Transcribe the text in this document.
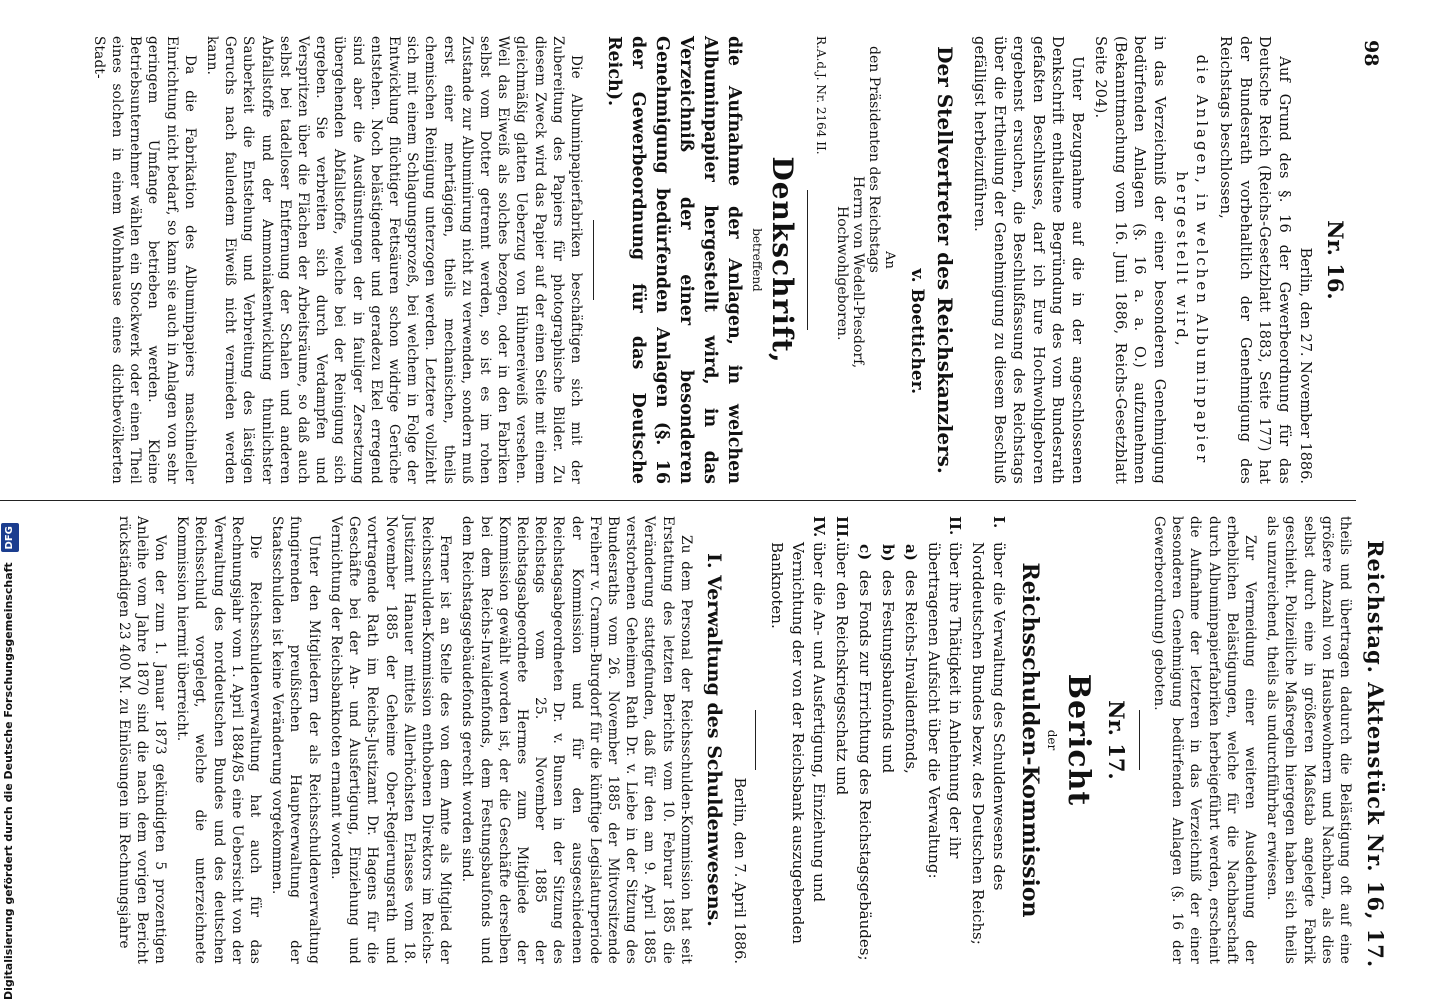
98
Reichstag. Aktenstück Nr. 16, 17.
Nr. 16.
Berlin, den 27. November 1886.

Auf Grund des §. 16 der Gewerbeordnung für das Deutsche Reich (Reichs-Gesetzblatt 1883, Seite 177) hat der Bundesrath vorbehaltlich der Genehmigung des Reichstags beschlossen,

die Anlagen, in welchen Albuminpapier hergestellt wird,

in das Verzeichniß der einer besonderen Genehmigung bedürfenden Anlagen (§. 16 a. a. O.) aufzunehmen (Bekanntmachung vom 16. Juni 1886, Reichs-Gesetzblatt Seite 204).

Unter Bezugnahme auf die in der angeschlossenen Denkschrift enthaltene Begründung des vom Bundesrath gefaßten Beschlusses, darf ich Eure Hochwohlgeboren ergebenst ersuchen, die Beschlußfassung des Reichstags über die Ertheilung der Genehmigung zu diesem Beschluß gefälligst herbeizuführen.

Der Stellvertreter des Reichskanzlers.
v. Boetticher.
An
den Präsidenten des Reichstags
Herrn von Wedell-Piesdorf,
Hochwohlgeboren.
R.A.d.J. Nr. 2164 II.
Denkschrift,
betreffend
die Aufnahme der Anlagen, in welchen Albuminpapier hergestellt wird, in das Verzeichniß der einer besonderen Genehmigung bedürfenden Anlagen (§. 16 der Gewerbeordnung für das Deutsche Reich).

Die Albuminpapierfabriken beschäftigen sich mit der Zubereitung des Papiers für photographische Bilder. Zu diesem Zweck wird das Papier auf der einen Seite mit einem gleichmäßig glatten Ueberzug von Hühnereiweiß versehen. Weil das Eiweiß als solches bezogen, oder in den Fabriken selbst vom Dotter getrennt werden, so ist es im rohen Zustande zur Albuminirung nicht zu verwenden, sondern muß erst einer mehrtägigen, theils mechanischen, theils chemischen Reinigung unterzogen werden. Letztere vollzieht sich mit einem Schlagungsprozeß, bei welchem in Folge der Entwicklung flüchtiger Fettsäuren schon widrige Gerüche entstehen. Noch belästigender und geradezu Ekel erregend sind aber die Ausdünstungen der in fauliger Zersetzung übergehenden Abfallstoffe, welche bei der Reinigung sich ergeben. Sie verbreiten sich durch Verdampfen und Verspritzen über die Flächen der Arbeitsräume, so daß auch selbst bei tadelloser Entfernung der Schalen und anderen Abfallstoffe und der Ammoniakentwicklung thunlichster Sauberkeit die Entstehung und Verbreitung des lästigen Geruchs nach faulendem Eiweiß nicht vermieden werden kann.

Da die Fabrikation des Albuminpapiers maschineller Einrichtung nicht bedarf, so kann sie auch in Anlagen von sehr geringem Umfange betrieben werden. Kleine Betriebsunternehmer wählen ein Stockwerk oder einen Theil eines solchen in einem Wohnhause eines dichtbevölkerten Stadt-

theils und übertragen dadurch die Belästigung oft auf eine größere Anzahl von Hausbewohnern und Nachbarn, als dies selbst durch eine in größeren Maßstab angelegte Fabrik geschieht. Polizeiliche Maßregeln hiergegen haben sich theils als unzureichend, theils als undurchführbar erwiesen.

Zur Vermeidung einer weiteren Ausdehnung der erheblichen Belästigungen, welche für die Nachbarschaft durch Albuminpapierfabriken herbeigeführt werden, erscheint die Aufnahme der letzteren in das Verzeichniß der einer besonderen Genehmigung bedürfenden Anlagen (§. 16 der Gewerbeordnung) geboten.

Nr. 17.
Bericht
der
Reichsschulden-Kommission
I.
über die Verwaltung des Schuldenwesens des Norddeutschen Bundes bezw. des Deutschen Reichs;
II.
über ihre Thätigkeit in Anlehnung der ihr übertragenen Aufsicht über die Verwaltung:
a)
des Reichs-Invalidenfonds,
b)
des Festungsbaufonds und
c)
des Fonds zur Errichtung des Reichstagsgebäudes;
III.
über den Reichskriegsschatz und
IV.
über die An- und Ausfertigung, Einziehung und Vernichtung der von der Reichsbank auszugebenden Banknoten.
Berlin, den 7. April 1886.
I. Verwaltung des Schuldenwesens.

Zu dem Personal der Reichsschulden-Kommission hat seit Erstattung des letzten Berichts vom 10. Februar 1885 die Veränderung stattgefunden, daß für den am 9. April 1885 verstorbenen Geheimen Rath Dr. v. Liebe in der Sitzung des Bundesraths vom 26. November 1885 der Mitvorsitzende Freiherr v. Cramm-Burgdorf für die künftige Legislaturperiode der Kommission und für den ausgeschiedenen Reichstagsabgeordneten Dr. v. Bunsen in der Sitzung des Reichstags vom 25. November 1885 der Reichstagsabgeordnete Hermes zum Mitgliede der Kommission gewählt worden ist, der die Geschäfte derselben bei dem Reichs-Invalidenfonds, dem Festungsbaufonds und dem Reichstagsgebäudefonds gerecht worden sind.

Ferner ist an Stelle des von dem Amte als Mitglied der Reichsschulden-Kommission enthobenen Direktors im Reichs-Justizamt Hanauer mittels Allerhöchsten Erlasses vom 18. November 1885 der Geheime Ober-Regierungsrath und vortragende Rath im Reichs-Justizamt Dr. Hagens für die Geschäfte bei der An- und Ausfertigung, Einziehung und Vernichtung der Reichsbanknoten ernannt worden.

Unter den Mitgliedern der als Reichsschuldenverwaltung fungirenden preußischen Hauptverwaltung der Staatsschulden ist keine Veränderung vorgekommen.

Die Reichsschuldenverwaltung hat auch für das Rechnungsjahr vom 1. April 1884/85 eine Uebersicht von der Verwaltung des norddeutschen Bundes und des deutschen Reichsschuld vorgelegt, welche die unterzeichnete Kommission hiermit überreicht.

Von der zum 1. Januar 1873 gekündigten 5 prozentigen Anleihe vom Jahre 1870 sind die nach dem vorigen Bericht rückständigen 23 400 M. zu Einlösungen im Rechnungsjahre

Digitalisierung gefördert durch die Deutsche Forschungsgemeinschaft DFG
